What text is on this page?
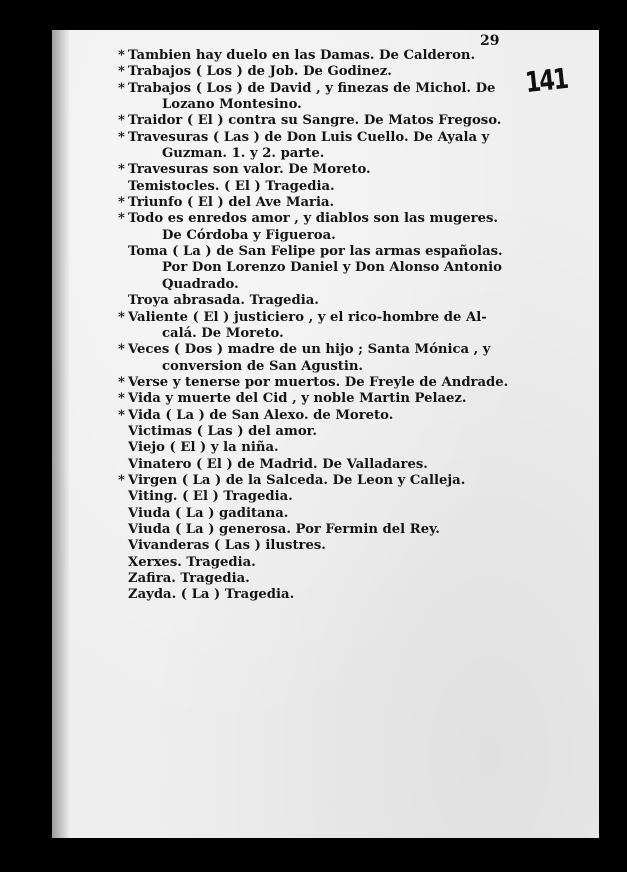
29
141
* Tambien hay duelo en las Damas. De Calderon.
* Trabajos ( Los ) de Job. De Godinez.
* Trabajos ( Los ) de David , y finezas de Michol. De
Lozano Montesino.
* Traidor ( El ) contra su Sangre. De Matos Fregoso.
* Travesuras ( Las ) de Don Luis Cuello. De Ayala y
Guzman. 1. y 2. parte.
* Travesuras son valor. De Moreto.
Temistocles. ( El ) Tragedia.
* Triunfo ( El ) del Ave Maria.
* Todo es enredos amor , y diablos son las mugeres.
De Córdoba y Figueroa.
Toma ( La ) de San Felipe por las armas españolas.
Por Don Lorenzo Daniel y Don Alonso Antonio
Quadrado.
Troya abrasada. Tragedia.
* Valiente ( El ) justiciero , y el rico-hombre de Al-
calá. De Moreto.
* Veces ( Dos ) madre de un hijo ; Santa Mónica , y
conversion de San Agustin.
* Verse y tenerse por muertos. De Freyle de Andrade.
* Vida y muerte del Cid , y noble Martin Pelaez.
* Vida ( La ) de San Alexo. de Moreto.
Victimas ( Las ) del amor.
Viejo ( El ) y la niña.
Vinatero ( El ) de Madrid. De Valladares.
* Virgen ( La ) de la Salceda. De Leon y Calleja.
Viting. ( El ) Tragedia.
Viuda ( La ) gaditana.
Viuda ( La ) generosa. Por Fermin del Rey.
Vivanderas ( Las ) ilustres.
Xerxes. Tragedia.
Zafira. Tragedia.
Zayda. ( La ) Tragedia.
